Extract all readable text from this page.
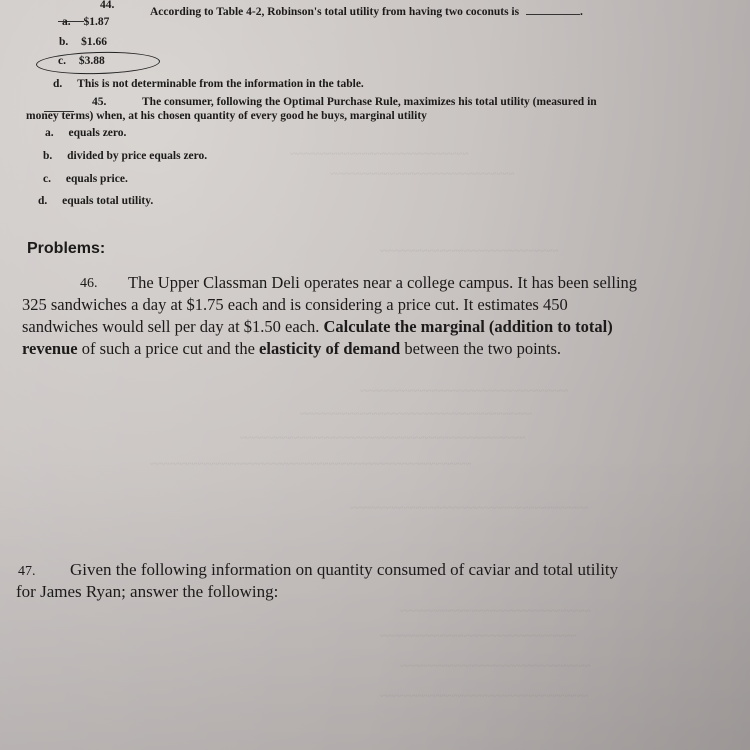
~~~~~~~~~~~~~~~~~~~~~~~~~~~~~~
~~~~~~~~~~~~~~~~~~~~~~~~~~~~~~~
~~~~~~~~~~~~~~~~~~~~~~~~~~~~~~
~~~~~~~~~~~~~~~~~~~~~~~~~~~~~~~~~~~
~~~~~~~~~~~~~~~~~~~~~~~~~~~~~~~~~~~~~~~
~~~~~~~~~~~~~~~~~~~~~~~~~~~~~~~~~~~~~~~~~~~~~~~~
~~~~~~~~~~~~~~~~~~~~~~~~~~~~~~~~~~~~~~~~~~~~~~~~~~~~~~
~~~~~~~~~~~~~~~~~~~~~~~~~~~~~~~~~~~~~~~~
~~~~~~~~~~~~~~~~~~~~~~~~~~~~~~~~
~~~~~~~~~~~~~~~~~~~~~~~~~~~~~~~~~
~~~~~~~~~~~~~~~~~~~~~~~~~~~~~~~~
~~~~~~~~~~~~~~~~~~~~~~~~~~~~~~~~~~~
44.
According to Table 4-2, Robinson's total utility from having two coconuts is	.
a. $1.87
b. $1.66
c. $3.88
d. This is not determinable from the information in the table.
45.	The consumer, following the Optimal Purchase Rule, maximizes his total utility (measured in
money terms) when, at his chosen quantity of every good he buys, marginal utility
a. equals zero.
b. divided by price equals zero.
c. equals price.
d. equals total utility.
Problems:
46. The Upper Classman Deli operates near a college campus. It has been selling
325 sandwiches a day at $1.75 each and is considering a price cut. It estimates 450
sandwiches would sell per day at $1.50 each. Calculate the marginal (addition to total)
revenue of such a price cut and the elasticity of demand between the two points.
47. Given the following information on quantity consumed of caviar and total utility
for James Ryan; answer the following:
